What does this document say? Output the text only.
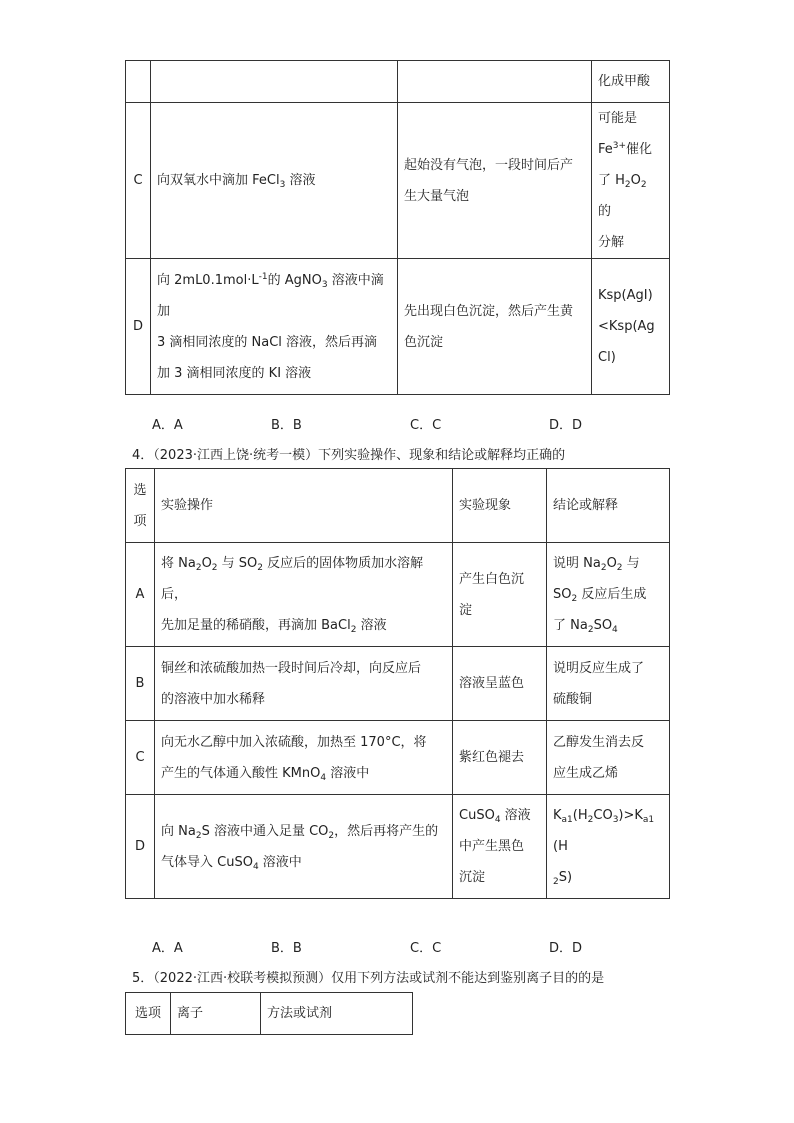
			化成甲酸

C	向双氧水中滴加 FeCl$_3$ 溶液	起始没有气泡，一段时间后产
生大量气泡	可能是
$Fe^{3+}$催化
了 $H_2O_2$ 的
分解

D	向 $2mL0.1mol\cdot L^{-1}$的 AgNO$_3$ 溶液中滴加
3 滴相同浓度的 NaCl 溶液，然后再滴
加 3 滴相同浓度的 KI 溶液	先出现白色沉淀，然后产生黄
色沉淀	Ksp(AgI)
<Ksp(Ag
Cl)
A．A	B．B	C．C	D．D
4．（2023·江西上饶·统考一模）下列实验操作、现象和结论或解释均正确的
选
项	实验操作	实验现象	结论或解释

A	将 $Na_2O_2$ 与 $SO_2$ 反应后的固体物质加水溶解后，
先加足量的稀硝酸，再滴加 BaCl$_2$ 溶液	产生白色沉
淀	说明 $Na_2O_2$ 与
$SO_2$ 反应后生成
了 $Na_2SO_4$

B	铜丝和浓硫酸加热一段时间后冷却，向反应后
的溶液中加水稀释	溶液呈蓝色	说明反应生成了
硫酸铜

C	向无水乙醇中加入浓硫酸，加热至 170°C，将
产生的气体通入酸性 KMnO$_4$ 溶液中	紫红色褪去	乙醇发生消去反
应生成乙烯

D	向 $Na_2S$ 溶液中通入足量 $CO_2$，然后再将产生的
气体导入 CuSO$_4$ 溶液中	CuSO$_4$ 溶液
中产生黑色
沉淀	$K_{a1}(H_2CO_3)>K_{a1}(H$
$_2$S)
A．A	B．B	C．C	D．D
5．（2022·江西·校联考模拟预测）仅用下列方法或试剂不能达到鉴别离子目的的是
选项	离子	方法或试剂
